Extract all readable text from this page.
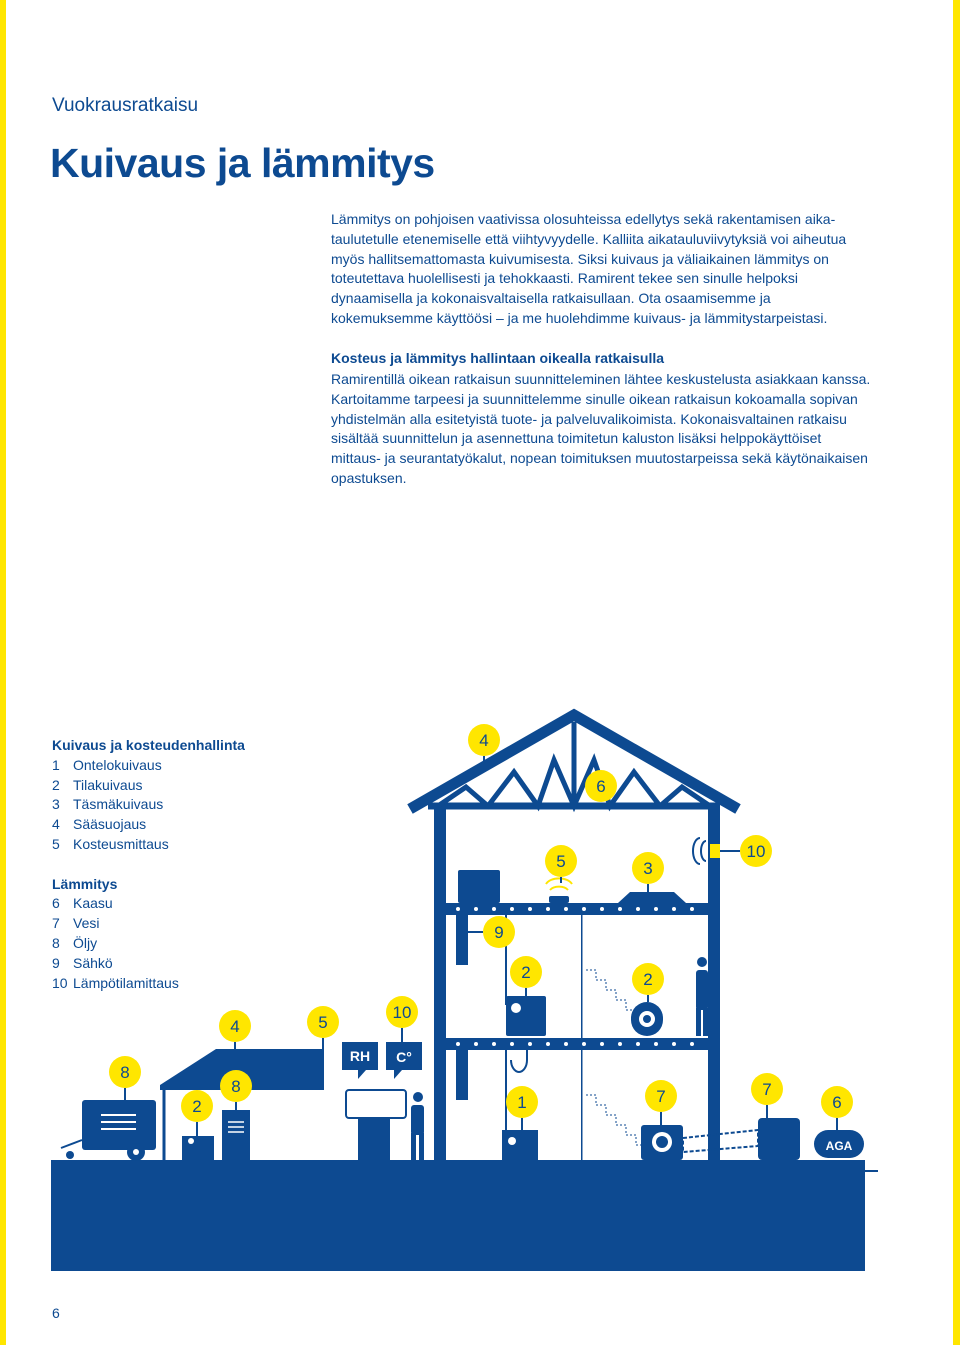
Vuokrausratkaisu
Kuivaus ja lämmitys

Lämmitys on pohjoisen vaativissa olosuhteissa edellytys sekä rakentamisen aika-taulutetulle etenemiselle että viihtyvyydelle. Kalliita aikatauluviivytyksiä voi aiheutua myös hallitsemattomasta kuivumisesta. Siksi kuivaus ja väliaikainen lämmitys on toteutettava huolellisesti ja tehokkaasti. Ramirent tekee sen sinulle helpoksi dynaamisella ja kokonaisvaltaisella ratkaisullaan. Ota osaamisemme ja kokemuksemme käyttöösi – ja me huolehdimme kuivaus- ja lämmitystarpeistasi.

Kosteus ja lämmitys hallintaan oikealla ratkaisulla

Ramirentillä oikean ratkaisun suunnitteleminen lähtee keskustelusta asiakkaan kanssa. Kartoitamme tarpeesi ja suunnittelemme sinulle oikean ratkaisun kokoamalla sopivan yhdistelmän alla esitetyistä tuote- ja palveluvalikoimista. Kokonaisvaltainen ratkaisu sisältää suunnittelun ja asennettuna toimitetun kaluston lisäksi helppokäyttöiset mittaus- ja seurantatyökalut, nopean toimituksen muutostarpeissa sekä käytönaikaisen opastuksen.

Kuivaus ja kosteudenhallinta
1 Ontelokuivaus
2 Tilakuivaus
3 Täsmäkuivaus
4 Sääsuojaus
5 Kosteusmittaus
Lämmitys
6 Kaasu
7 Vesi
8 Öljy
9 Sähkö
10 Lämpötilamittaus
AGA
RH C°
4
6
5	3
10
9
2	2
4	5
10
8
2
8
1	7	7
6
6
